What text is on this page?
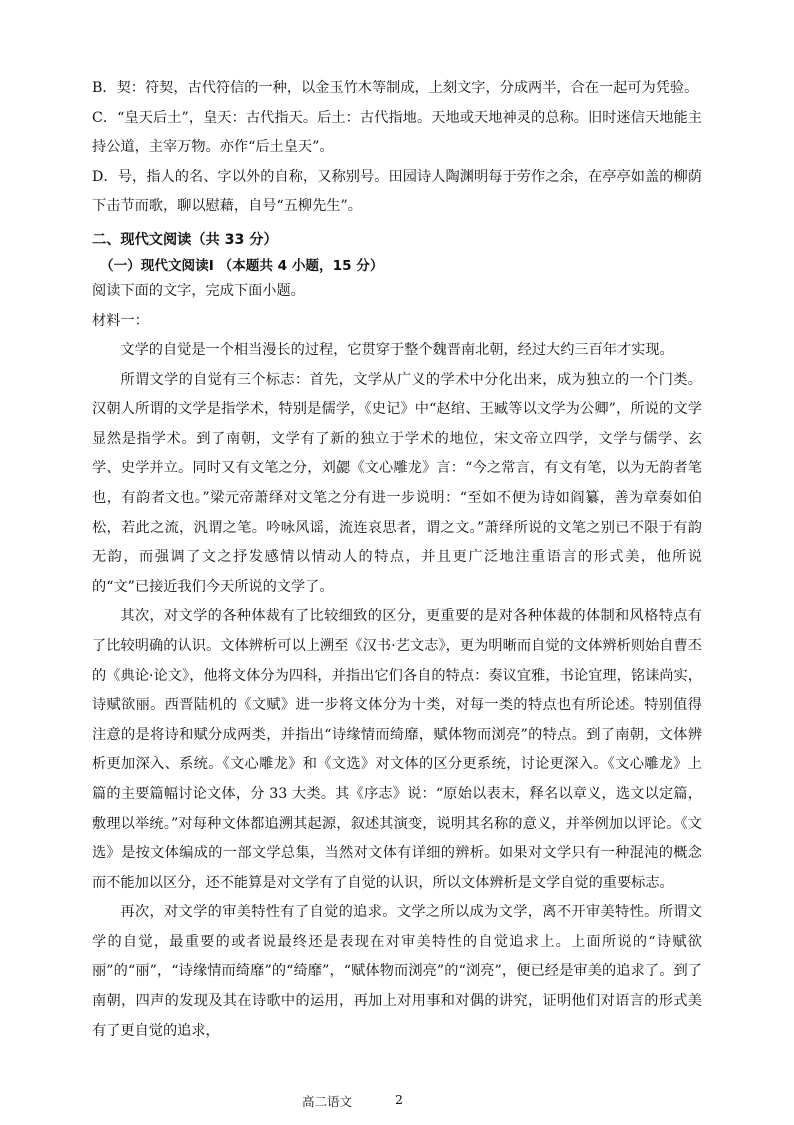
B．契：符契，古代符信的一种，以金玉竹木等制成，上刻文字，分成两半，合在一起可为凭验。

C．“皇天后土”，皇天：古代指天。后土：古代指地。天地或天地神灵的总称。旧时迷信天地能主持公道，主宰万物。亦作“后土皇天”。

D．号，指人的名、字以外的自称，又称别号。田园诗人陶渊明每于劳作之余，在亭亭如盖的柳荫下击节而歌，聊以慰藉，自号“五柳先生”。

二、现代文阅读（共 33 分）

（一）现代文阅读Ⅰ （本题共 4 小题，15 分）

阅读下面的文字，完成下面小题。

材料一：

文学的自觉是一个相当漫长的过程，它贯穿于整个魏晋南北朝，经过大约三百年才实现。

所谓文学的自觉有三个标志：首先，文学从广义的学术中分化出来，成为独立的一个门类。汉朝人所谓的文学是指学术，特别是儒学，《史记》中“赵绾、王臧等以文学为公卿”，所说的文学显然是指学术。到了南朝，文学有了新的独立于学术的地位，宋文帝立四学，文学与儒学、玄学、史学并立。同时又有文笔之分，刘勰《文心雕龙》言：“今之常言，有文有笔，以为无韵者笔也，有韵者文也。”梁元帝萧绎对文笔之分有进一步说明：“至如不便为诗如阎纂，善为章奏如伯松，若此之流，汎谓之笔。吟咏风谣，流连哀思者，谓之文。”萧绎所说的文笔之别已不限于有韵无韵，而强调了文之抒发感情以情动人的特点，并且更广泛地注重语言的形式美，他所说的“文”已接近我们今天所说的文学了。

其次，对文学的各种体裁有了比较细致的区分，更重要的是对各种体裁的体制和风格特点有了比较明确的认识。文体辨析可以上溯至《汉书·艺文志》，更为明晰而自觉的文体辨析则始自曹丕的《典论·论文》，他将文体分为四科，并指出它们各自的特点：奏议宜雅，书论宜理，铭诔尚实，诗赋欲丽。西晋陆机的《文赋》进一步将文体分为十类，对每一类的特点也有所论述。特别值得注意的是将诗和赋分成两类，并指出“诗缘情而绮靡，赋体物而浏亮”的特点。到了南朝，文体辨析更加深入、系统。《文心雕龙》和《文选》对文体的区分更系统，讨论更深入。《文心雕龙》上篇的主要篇幅讨论文体，分 33 大类。其《序志》说：“原始以表末，释名以章义，选文以定篇，敷理以举统。”对每种文体都追溯其起源，叙述其演变，说明其名称的意义，并举例加以评论。《文选》是按文体编成的一部文学总集，当然对文体有详细的辨析。如果对文学只有一种混沌的概念而不能加以区分，还不能算是对文学有了自觉的认识，所以文体辨析是文学自觉的重要标志。

再次，对文学的审美特性有了自觉的追求。文学之所以成为文学，离不开审美特性。所谓文学的自觉，最重要的或者说最终还是表现在对审美特性的自觉追求上。上面所说的“诗赋欲丽”的“丽”，“诗缘情而绮靡”的“绮靡”，“赋体物而浏亮”的“浏亮”，便已经是审美的追求了。到了南朝，四声的发现及其在诗歌中的运用，再加上对用事和对偶的讲究，证明他们对语言的形式美有了更自觉的追求，

高二语文	2
